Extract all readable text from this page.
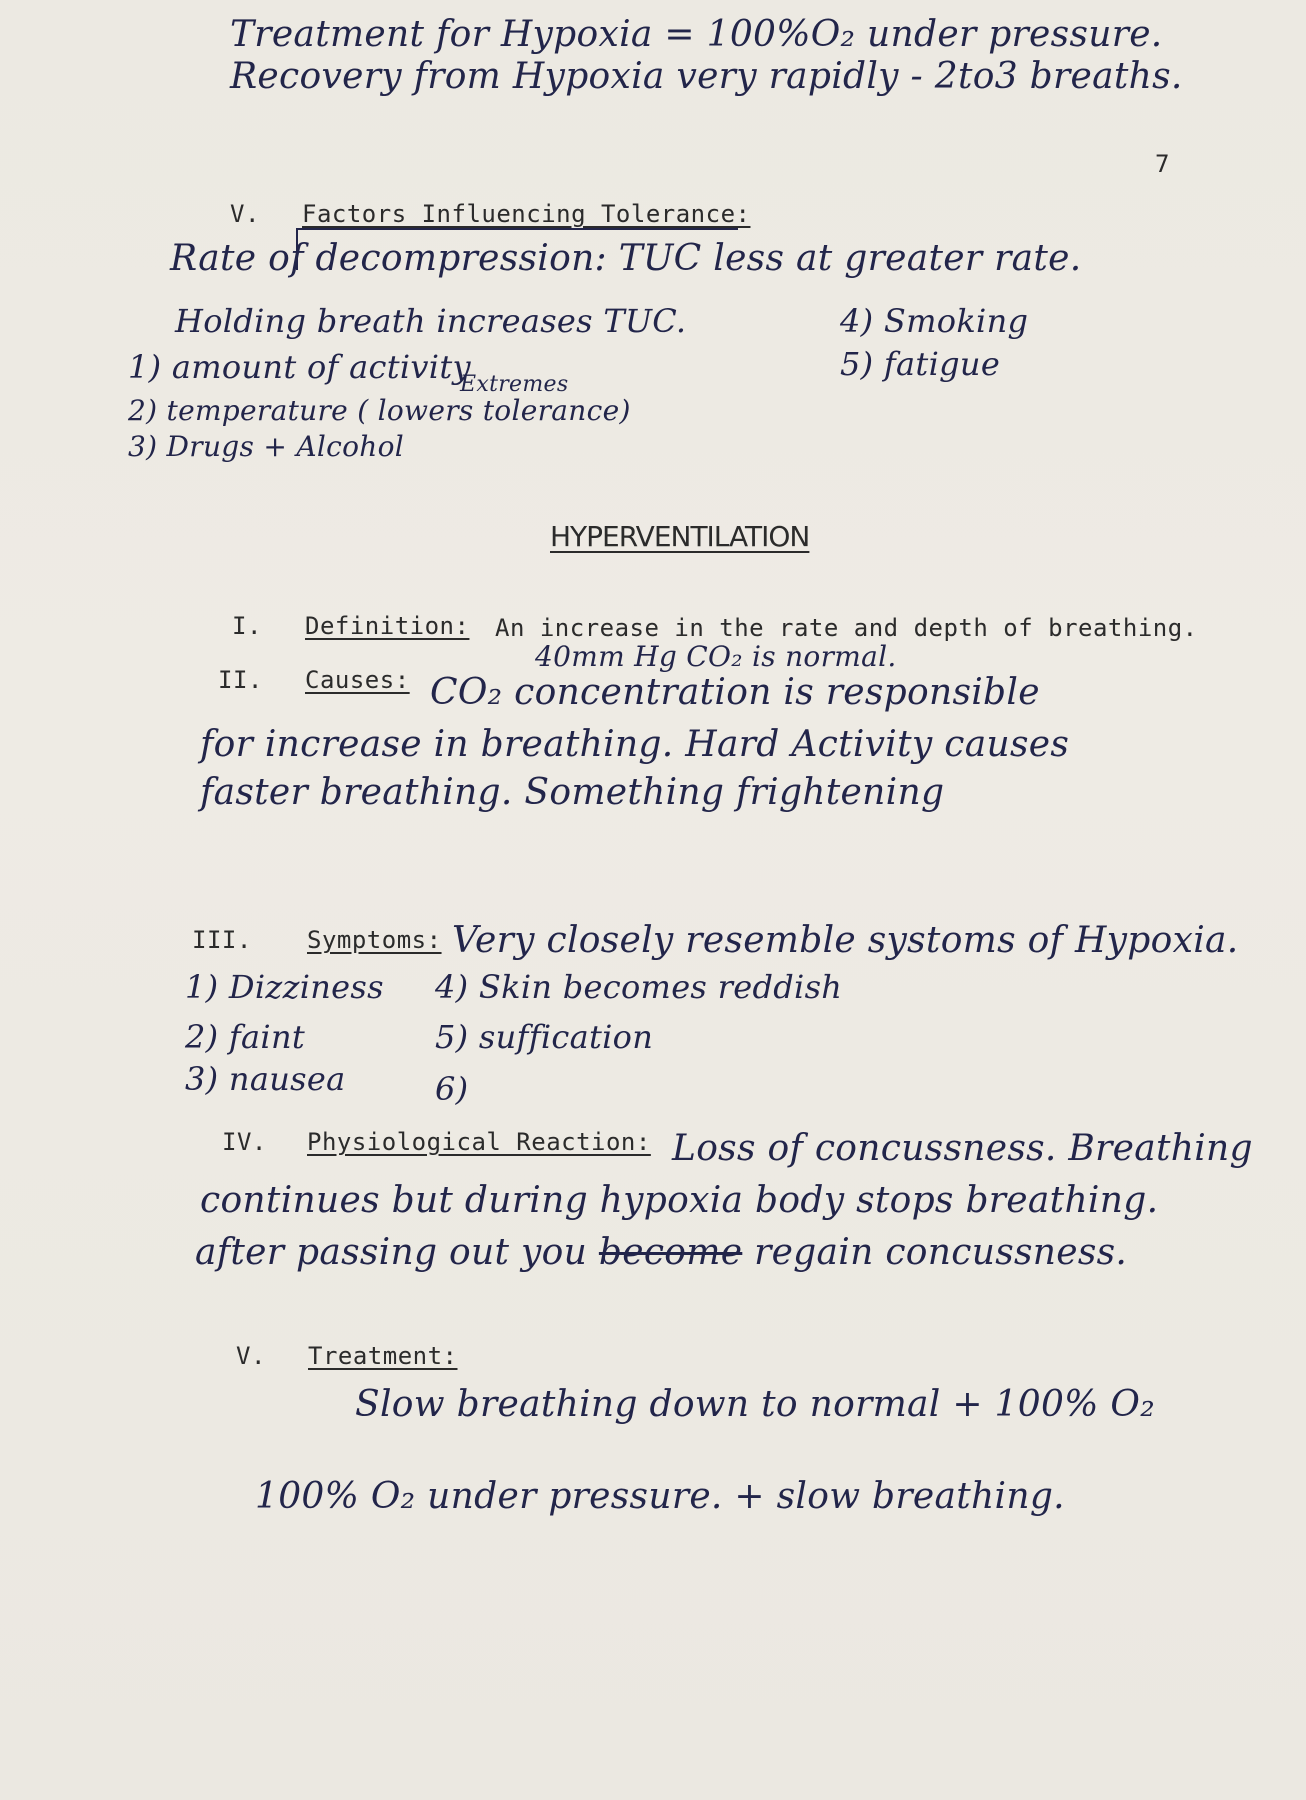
Treatment for Hypoxia = 100%O₂ under pressure.
Recovery from Hypoxia very rapidly - 2to3 breaths.
7
V. Factors Influencing Tolerance:
Rate of decompression: TUC less at greater rate.
Holding breath increases TUC.	4) Smoking
5) fatigue
1) amount of activity
Extremes
2) temperature ( lowers tolerance)
3) Drugs + Alcohol
HYPERVENTILATION
I. Definition: An increase in the rate and depth of breathing.
40mm Hg CO₂ is normal.
II. Causes: CO₂ concentration is responsible
for increase in breathing. Hard Activity causes
faster breathing. Something frightening
III. Symptoms: Very closely resemble systoms of Hypoxia.
1) Dizziness
2) faint
3) nausea
4) Skin becomes reddish
5) suffication
6)
IV. Physiological Reaction: Loss of concussness. Breathing
continues but during hypoxia body stops breathing.
after passing out you become regain concussness.
V. Treatment:
Slow breathing down to normal + 100% O₂
100% O₂ under pressure. + slow breathing.
